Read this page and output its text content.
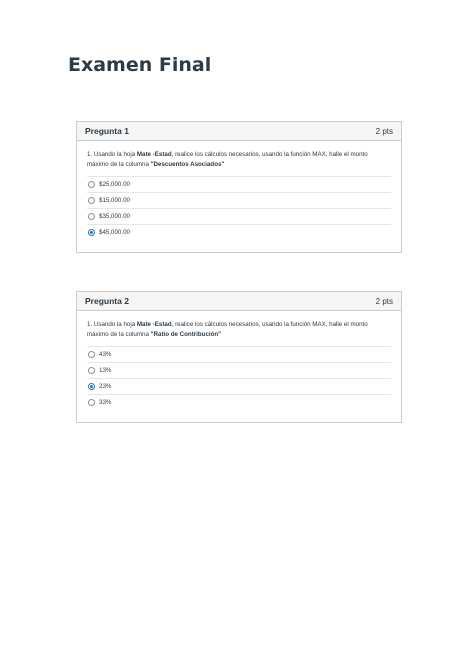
Examen Final
Pregunta 1	2 pts

1. Usando la hoja Mate -Estad, realice los cálculos necesarios, usando la función MAX, halle el monto máximo de la columna "Descuentos Asociados"

$25,000.00
$15,000.00
$35,000.00
$45,000.00
Pregunta 2	2 pts

1. Usando la hoja Mate -Estad, realice los cálculos necesarios, usando la función MAX, halle el monto máximo de la columna "Ratio de Contribución"

43%
13%
23%
33%
